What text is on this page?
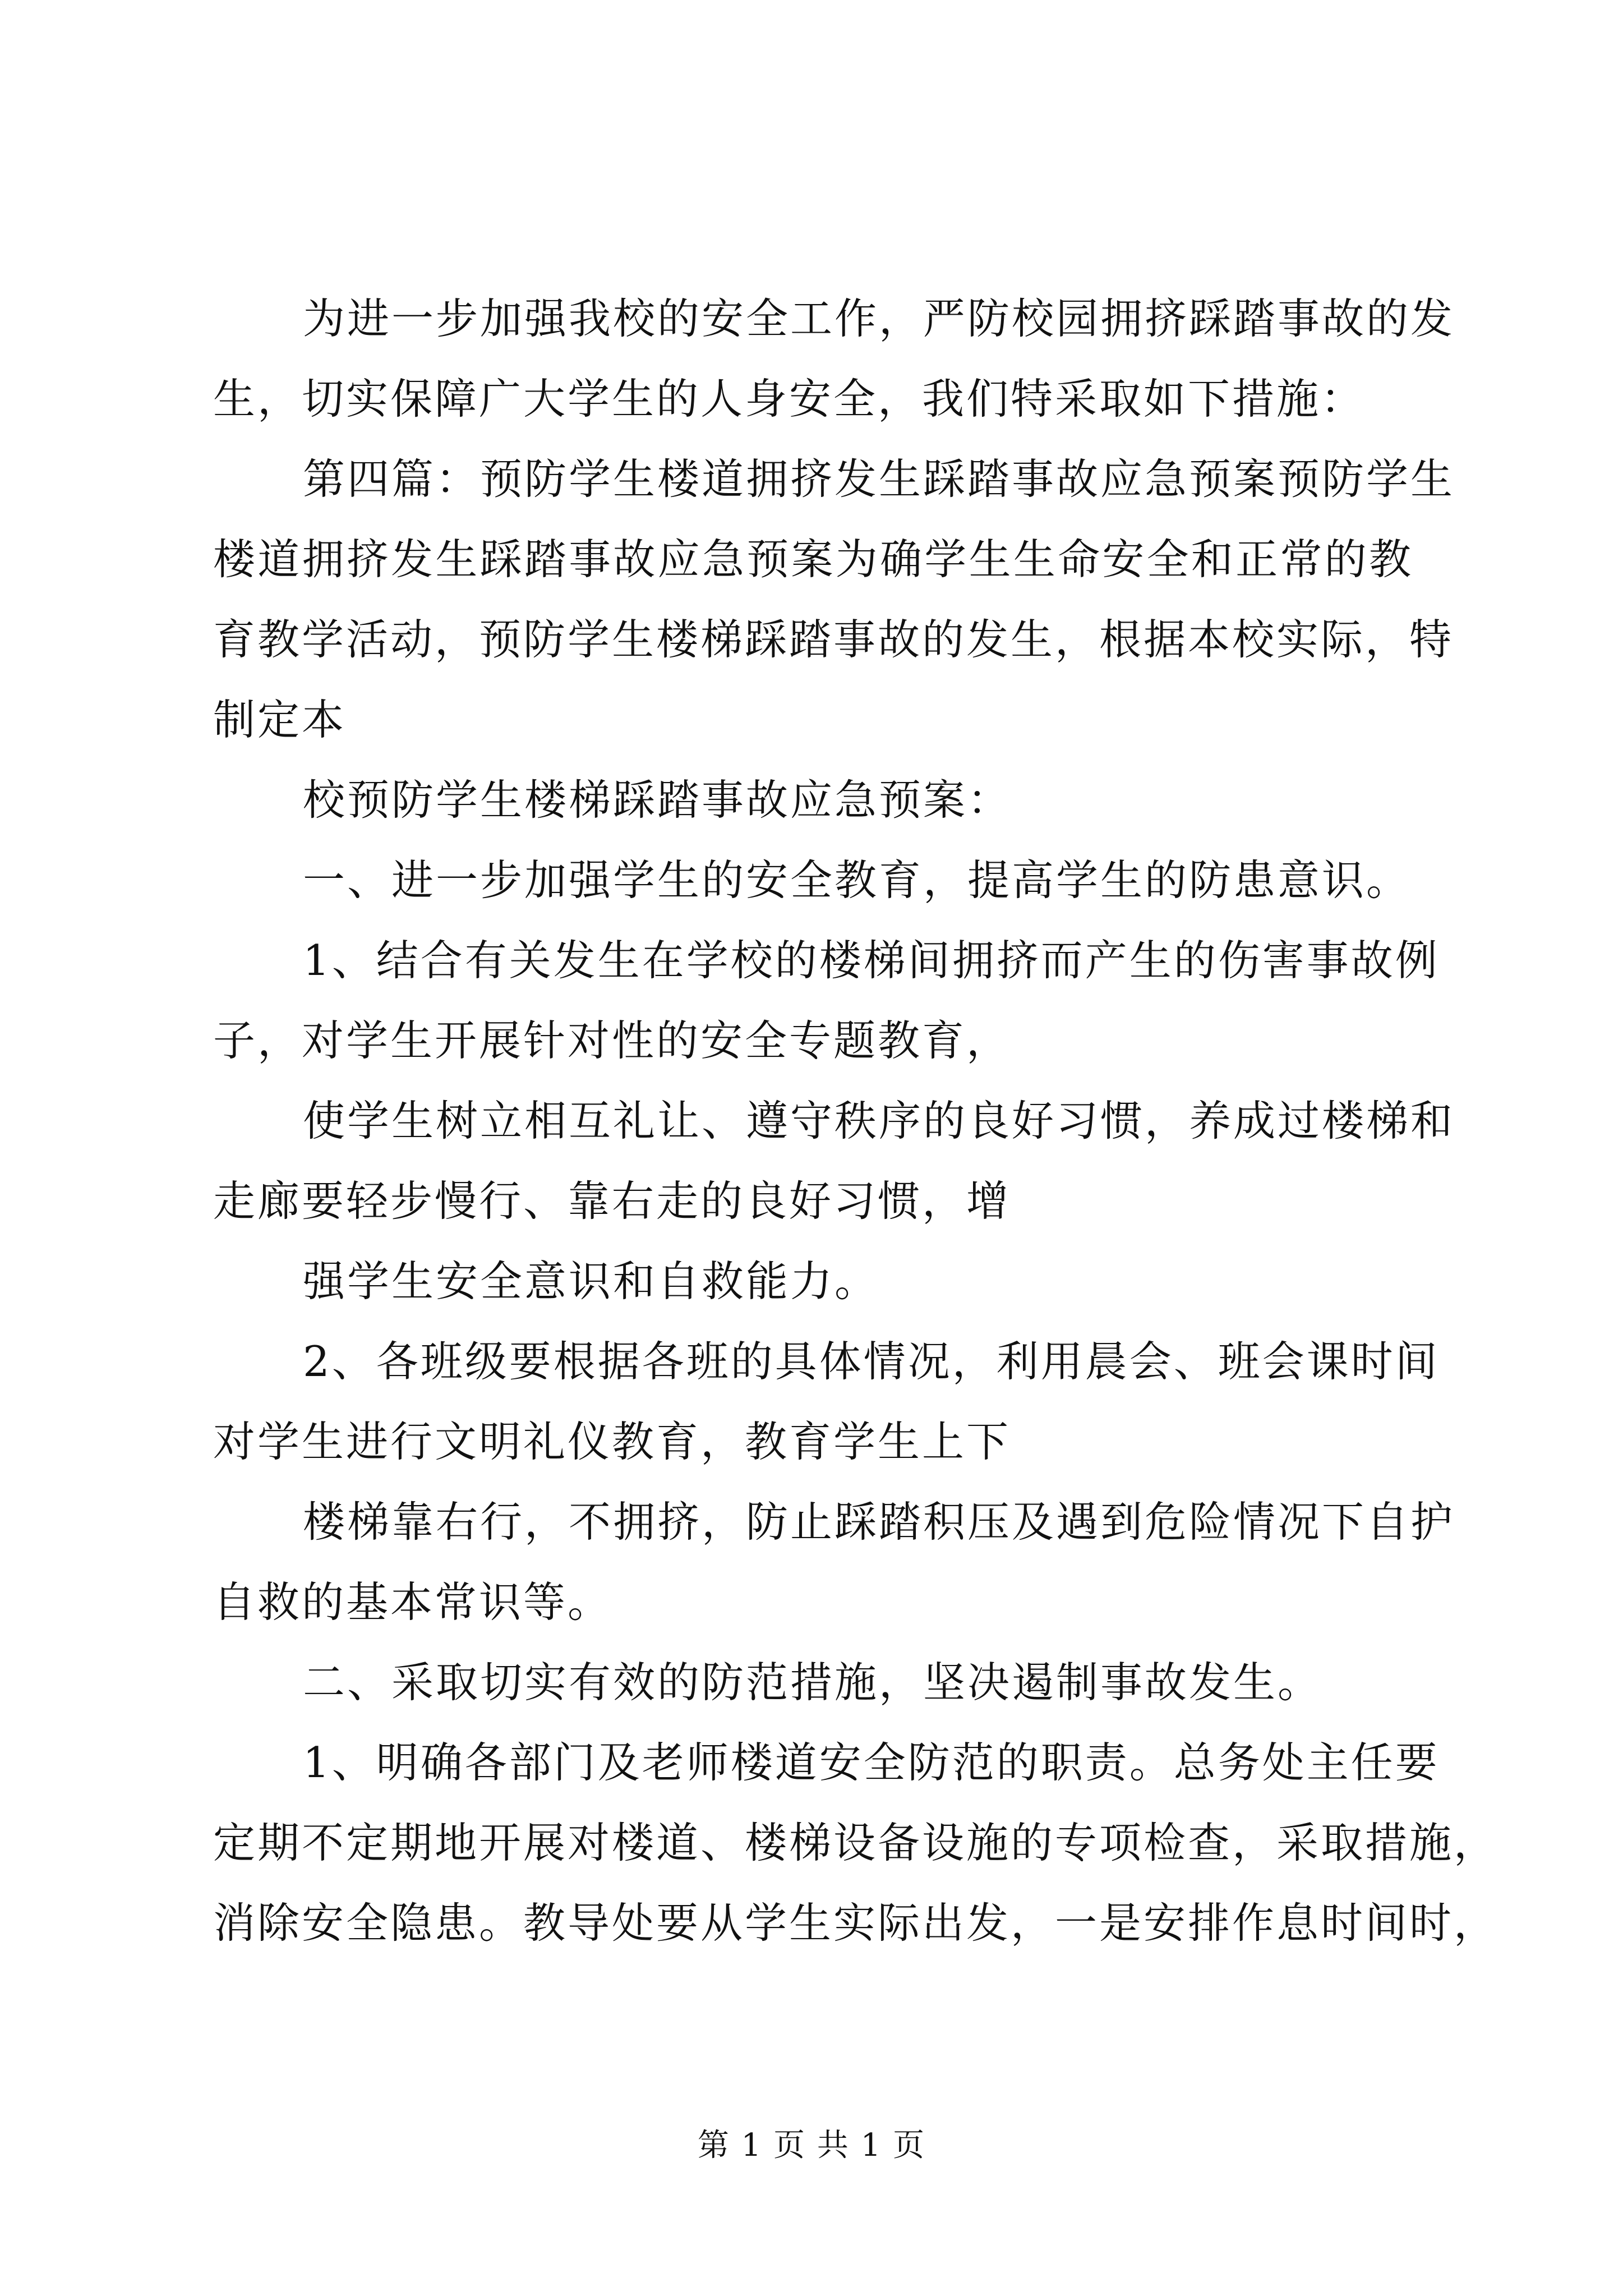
为进一步加强我校的安全工作，严防校园拥挤踩踏事故的发
生，切实保障广大学生的人身安全，我们特采取如下措施：
第四篇：预防学生楼道拥挤发生踩踏事故应急预案预防学生
楼道拥挤发生踩踏事故应急预案为确学生生命安全和正常的教
育教学活动，预防学生楼梯踩踏事故的发生，根据本校实际，特
制定本
校预防学生楼梯踩踏事故应急预案：
一、进一步加强学生的安全教育，提高学生的防患意识。
1、结合有关发生在学校的楼梯间拥挤而产生的伤害事故例
子，对学生开展针对性的安全专题教育，
使学生树立相互礼让、遵守秩序的良好习惯，养成过楼梯和
走廊要轻步慢行、靠右走的良好习惯，增
强学生安全意识和自救能力。
2、各班级要根据各班的具体情况，利用晨会、班会课时间
对学生进行文明礼仪教育，教育学生上下
楼梯靠右行，不拥挤，防止踩踏积压及遇到危险情况下自护
自救的基本常识等。
二、采取切实有效的防范措施，坚决遏制事故发生。
1、明确各部门及老师楼道安全防范的职责。总务处主任要
定期不定期地开展对楼道、楼梯设备设施的专项检查，采取措施，
消除安全隐患。教导处要从学生实际出发，一是安排作息时间时，
第 1 页 共 1 页
